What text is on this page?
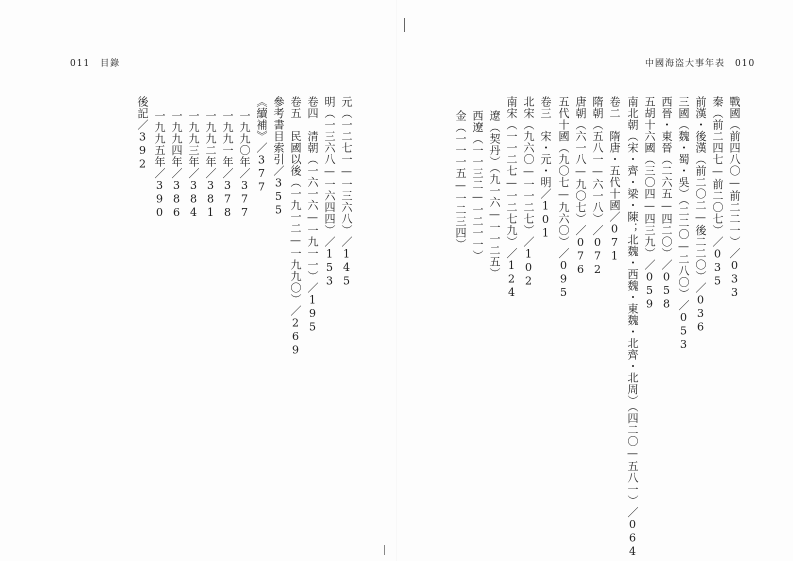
011　目錄	中國海盗大事年表　010
戰國（前四八〇—前二二一）／033
秦（前二四七—前二〇七）／035
前漢・後漢（前二〇二—後二二〇）／036
三國（魏・蜀・吳）（二二〇—二八〇）／053
西晉・東晉（二六五—四二〇）／058
五胡十六國（三〇四—四三九）／059
南北朝（宋・齊・梁・陳；北魏・西魏・東魏・北齊・北周）（四二〇—五八一）／064
卷二　隋唐・五代十國／071
隋朝（五八一—六一八）／072
唐朝（六一八—九〇七）／076
五代十國（九〇七—九六〇）／095
卷三　宋・元・明／101
北宋（九六〇—一一二七）／102
南宋（一一二七—一二七九）／124
遼（契丹）（九一六—一一二五）
西遼（一一三二—一二一一）
金（一一一五—一二三四）
元（一二七一—一三六八）／145
明（一三六八—一六四四）／153
卷四　清朝（一六一六—一九一一）／195
卷五　民國以後（一九一二—一九九〇）／269
參考書目索引／355
《續補》／377
一九九〇年／377
一九九一年／378
一九九二年／381
一九九三年／384
一九九四年／386
一九九五年／390
後記／392
